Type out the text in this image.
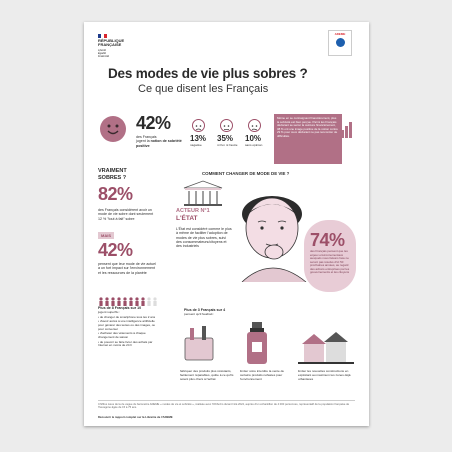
RÉPUBLIQUE
FRANÇAISE
Liberté
Égalité
Fraternité
ADEME
Des modes de vie plus sobres ?
Ce que disent les Français
42%
des Français
jugent la notion de sobriété positive
13%
négative
35%
ni l'un ni l'autre
10%
sans opinion
Même en se contraignant financièrement, plus la sobriété est bien perçue. Parmi les Français déclarant se serrer la ceinture financièrement, 38 % ont une image positive de la notion contre 29 % pour ceux déclarant ne pas rencontrer de difficultés.
VRAIMENT
SOBRES ?
82%
des Français considèrent avoir un mode de vie sobre dont seulement 12 % "tout à fait" sobre
MAIS
42%
pensent que leur mode de vie actuel a un fort impact sur l'environnement et les ressources de la planète
Plus de 8 Français sur 10
jugent superflu :
• de changer de smartphone tous les 2 ans
• d'avoir accès à une intelligence artificielle pour générer des textes ou des images, ou pour converser
• d'acheter des vêtements à chaque changement de saison
• de pouvoir se faire livrer des achats par Internet en moins de 24 h
COMMENT CHANGER DE MODE DE VIE ?
ACTEUR N°1
L'ÉTAT
L'État est considéré comme le plus à même de faciliter l'adoption de modes de vie plus sobres, suivi des consommateurs/citoyens et des industriels	74%
des Français pensent que les enjeux environnementaux auxquels nous faisons face ne seront pas résolus d'ici 50 prochaines années, au regard des actions entreprises par les gouvernements et les citoyens
Plus de 3 Français sur 4
pensent qu'il faudrait :
fabriquer des produits plus résistants, facilement réparables, quitte à ce qu'ils soient plus chers à l'achat
limiter votre interdire la vente de certains produits néfastes pour l'environnement
limiter les nouvelles constructions en exploitant au maximum les zones déjà urbanisées
Chiffres issus de la 2e vague du baromètre ADEME « modes de vie et sobriété », réalisée avec l'ObSoCo durant l'été 2024, auprès d'un échantillon de 4 000 personnes, représentatif de la population française de l'hexagone âgée de 15 à 75 ans.
Découvrir le rapport complet sur la Librairie de l'ADEME
